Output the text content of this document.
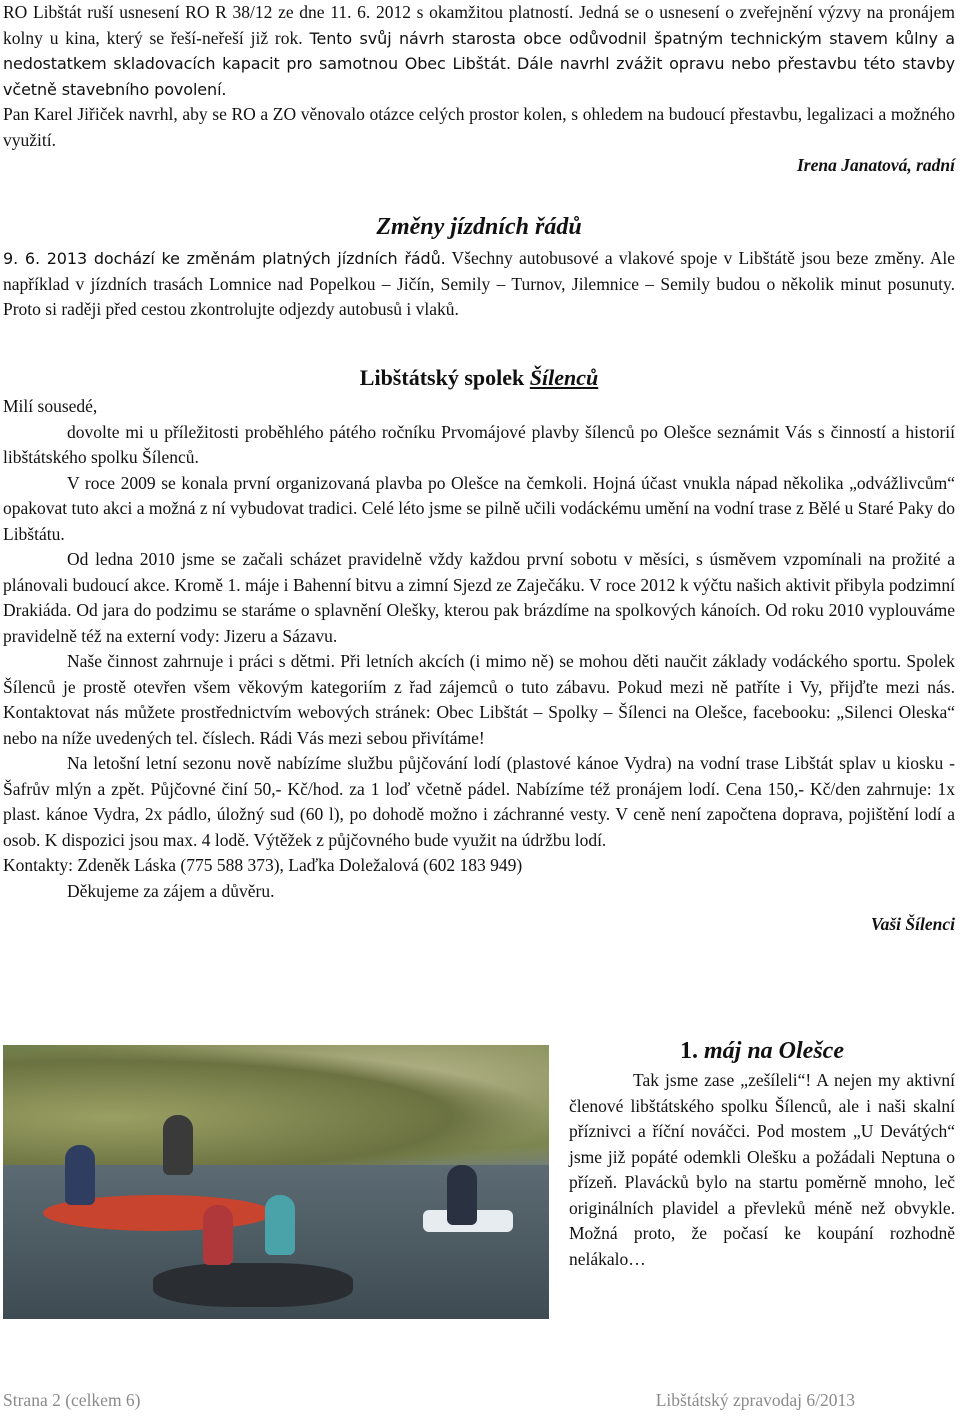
RO Libštát ruší usnesení RO R 38/12 ze dne 11. 6. 2012 s okamžitou platností. Jedná se o usnesení o zveřejnění výzvy na pronájem kolny u kina, který se řeší-neřeší již rok. Tento svůj návrh starosta obce odůvodnil špatným technickým stavem kůlny a nedostatkem skladovacích kapacit pro samotnou Obec Libštát. Dále navrhl zvážit opravu nebo přestavbu této stavby včetně stavebního povolení.

Pan Karel Jiřiček navrhl, aby se RO a ZO věnovalo otázce celých prostor kolen, s ohledem na budoucí přestavbu, legalizaci a možného využití.

Irena Janatová, radní

Změny jízdních řádů

9. 6. 2013 dochází ke změnám platných jízdních řádů. Všechny autobusové a vlakové spoje v Libštátě jsou beze změny. Ale například v jízdních trasách Lomnice nad Popelkou – Jičín, Semily – Turnov, Jilemnice – Semily budou o několik minut posunuty. Proto si raději před cestou zkontrolujte odjezdy autobusů i vlaků.

Libštátský spolek Šílenců

Milí sousedé,

dovolte mi u příležitosti proběhlého pátého ročníku Prvomájové plavby šílenců po Olešce seznámit Vás s činností a historií libštátského spolku Šílenců.

V roce 2009 se konala první organizovaná plavba po Olešce na čemkoli. Hojná účast vnukla nápad několika „odvážlivcům“ opakovat tuto akci a možná z ní vybudovat tradici. Celé léto jsme se pilně učili vodáckému umění na vodní trase z Bělé u Staré Paky do Libštátu.

Od ledna 2010 jsme se začali scházet pravidelně vždy každou první sobotu v měsíci, s úsměvem vzpomínali na prožité a plánovali budoucí akce. Kromě 1. máje i Bahenní bitvu a zimní Sjezd ze Zaječáku. V roce 2012 k výčtu našich aktivit přibyla podzimní Drakiáda. Od jara do podzimu se staráme o splavnění Olešky, kterou pak brázdíme na spolkových kánoích. Od roku 2010 vyplouváme pravidelně též na externí vody: Jizeru a Sázavu.

Naše činnost zahrnuje i práci s dětmi. Při letních akcích (i mimo ně) se mohou děti naučit základy vodáckého sportu. Spolek Šílenců je prostě otevřen všem věkovým kategoriím z řad zájemců o tuto zábavu. Pokud mezi ně patříte i Vy, přijďte mezi nás. Kontaktovat nás můžete prostřednictvím webových stránek: Obec Libštát – Spolky – Šílenci na Olešce, facebooku: „Silenci Oleska“ nebo na níže uvedených tel. číslech. Rádi Vás mezi sebou přivítáme!

Na letošní letní sezonu nově nabízíme službu půjčování lodí (plastové kánoe Vydra) na vodní trase Libštát splav u kiosku - Šafrův mlýn a zpět. Půjčovné činí 50,- Kč/hod. za 1 loď včetně pádel. Nabízíme též pronájem lodí. Cena 150,- Kč/den zahrnuje: 1x plast. kánoe Vydra, 2x pádlo, úložný sud (60 l), po dohodě možno i záchranné vesty. V ceně není započtena doprava, pojištění lodí a osob. K dispozici jsou max. 4 lodě. Výtěžek z půjčovného bude využit na údržbu lodí.

Kontakty: Zdeněk Láska (775 588 373), Laďka Doležalová (602 183 949)

Děkujeme za zájem a důvěru.

Vaši Šílenci

1. máj na Olešce

Tak jsme zase „zešíleli“! A nejen my aktivní členové libštátského spolku Šílenců, ale i naši skalní příznivci a říční nováčci. Pod mostem „U Devátých“ jsme již popáté odemkli Olešku a požádali Neptuna o přízeň. Plavácků bylo na startu poměrně mnoho, leč originálních plavidel a převleků méně než obvykle. Možná proto, že počasí ke koupání rozhodně nelákalo…

Strana 2 (celkem 6)	Libštátský zpravodaj 6/2013
